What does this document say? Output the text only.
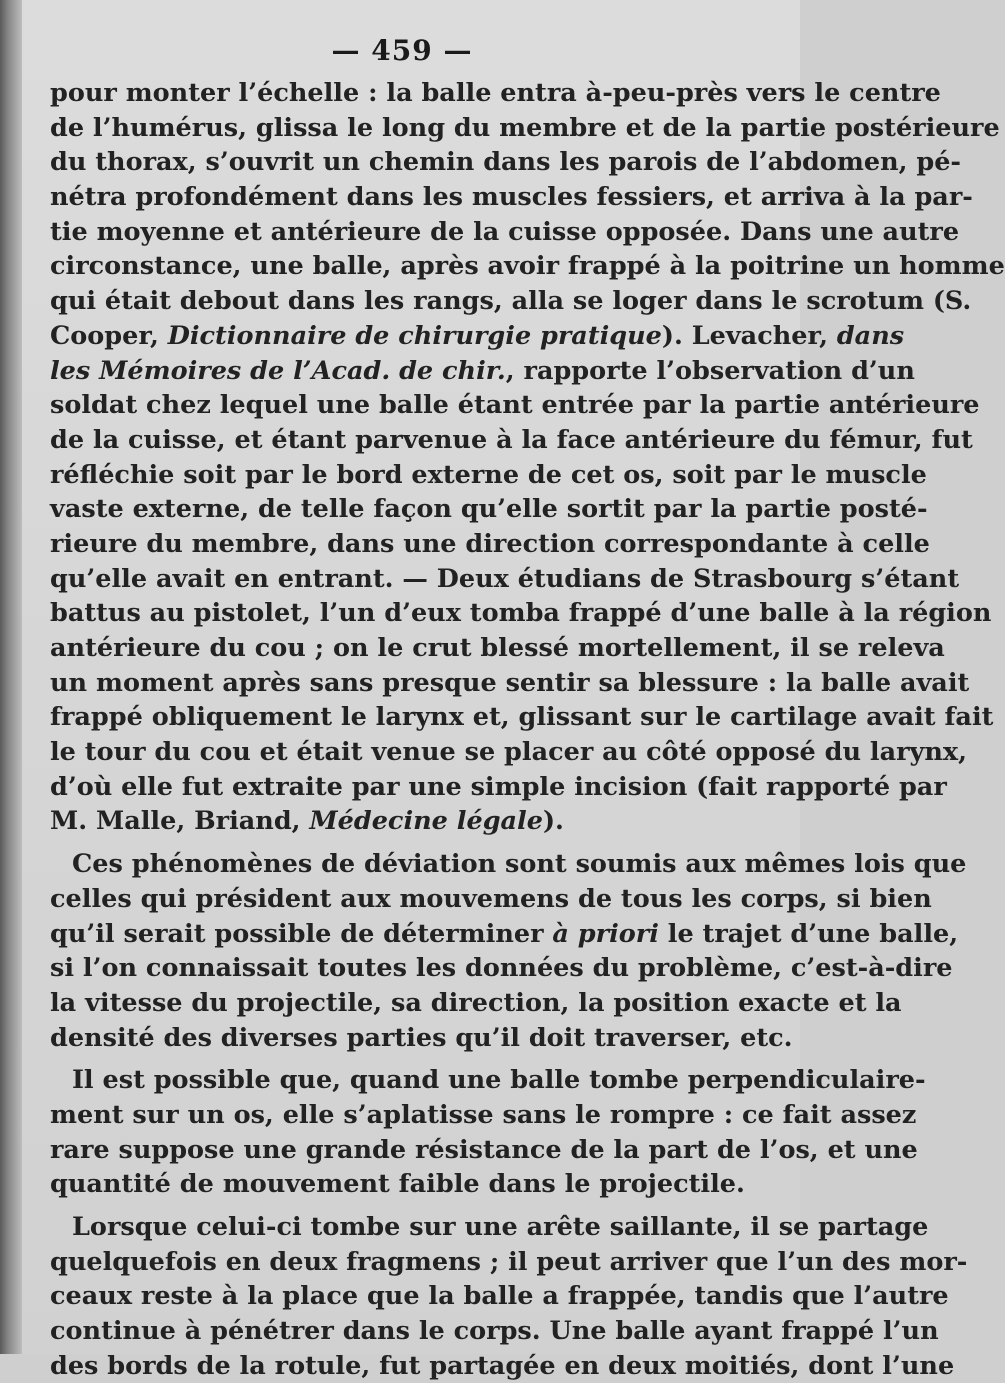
— 459 —
pour monter l’échelle : la balle entra à-peu-près vers le centre
de l’humérus, glissa le long du membre et de la partie postérieure
du thorax, s’ouvrit un chemin dans les parois de l’abdomen, pé-
nétra profondément dans les muscles fessiers, et arriva à la par-
tie moyenne et antérieure de la cuisse opposée. Dans une autre
circonstance, une balle, après avoir frappé à la poitrine un homme
qui était debout dans les rangs, alla se loger dans le scrotum (S.
Cooper, Dictionnaire de chirurgie pratique). Levacher, dans
les Mémoires de l’Acad. de chir., rapporte l’observation d’un
soldat chez lequel une balle étant entrée par la partie antérieure
de la cuisse, et étant parvenue à la face antérieure du fémur, fut
réfléchie soit par le bord externe de cet os, soit par le muscle
vaste externe, de telle façon qu’elle sortit par la partie posté-
rieure du membre, dans une direction correspondante à celle
qu’elle avait en entrant. — Deux étudians de Strasbourg s’étant
battus au pistolet, l’un d’eux tomba frappé d’une balle à la région
antérieure du cou ; on le crut blessé mortellement, il se releva
un moment après sans presque sentir sa blessure : la balle avait
frappé obliquement le larynx et, glissant sur le cartilage avait fait
le tour du cou et était venue se placer au côté opposé du larynx,
d’où elle fut extraite par une simple incision (fait rapporté par
M. Malle, Briand, Médecine légale).
Ces phénomènes de déviation sont soumis aux mêmes lois que
celles qui président aux mouvemens de tous les corps, si bien
qu’il serait possible de déterminer à priori le trajet d’une balle,
si l’on connaissait toutes les données du problème, c’est-à-dire
la vitesse du projectile, sa direction, la position exacte et la
densité des diverses parties qu’il doit traverser, etc.
Il est possible que, quand une balle tombe perpendiculaire-
ment sur un os, elle s’aplatisse sans le rompre : ce fait assez
rare suppose une grande résistance de la part de l’os, et une
quantité de mouvement faible dans le projectile.
Lorsque celui-ci tombe sur une arête saillante, il se partage
quelquefois en deux fragmens ; il peut arriver que l’un des mor-
ceaux reste à la place que la balle a frappée, tandis que l’autre
continue à pénétrer dans le corps. Une balle ayant frappé l’un
des bords de la rotule, fut partagée en deux moitiés, dont l’une
